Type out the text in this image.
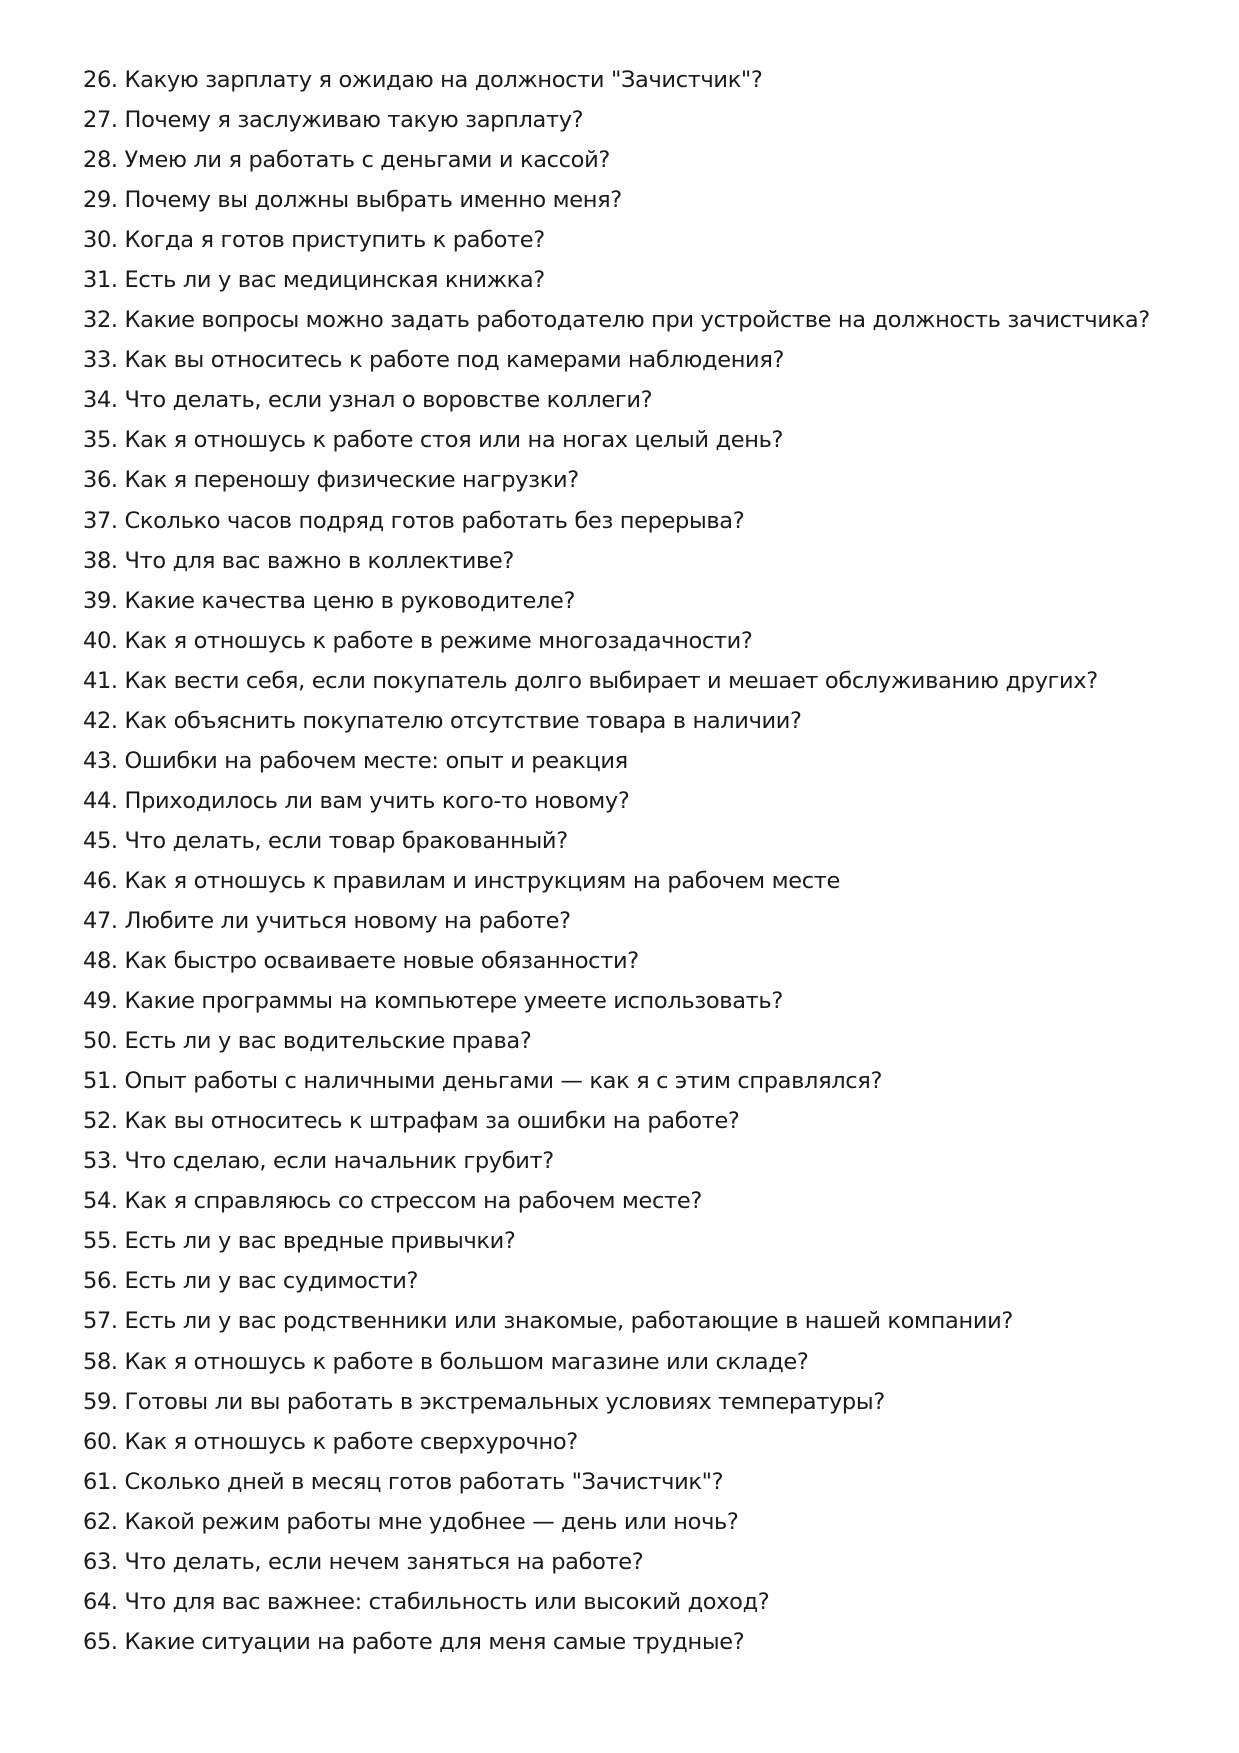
26. Какую зарплату я ожидаю на должности "Зачистчик"?
27. Почему я заслуживаю такую зарплату?
28. Умею ли я работать с деньгами и кассой?
29. Почему вы должны выбрать именно меня?
30. Когда я готов приступить к работе?
31. Есть ли у вас медицинская книжка?
32. Какие вопросы можно задать работодателю при устройстве на должность зачистчика?
33. Как вы относитесь к работе под камерами наблюдения?
34. Что делать, если узнал о воровстве коллеги?
35. Как я отношусь к работе стоя или на ногах целый день?
36. Как я переношу физические нагрузки?
37. Сколько часов подряд готов работать без перерыва?
38. Что для вас важно в коллективе?
39. Какие качества ценю в руководителе?
40. Как я отношусь к работе в режиме многозадачности?
41. Как вести себя, если покупатель долго выбирает и мешает обслуживанию других?
42. Как объяснить покупателю отсутствие товара в наличии?
43. Ошибки на рабочем месте: опыт и реакция
44. Приходилось ли вам учить кого-то новому?
45. Что делать, если товар бракованный?
46. Как я отношусь к правилам и инструкциям на рабочем месте
47. Любите ли учиться новому на работе?
48. Как быстро осваиваете новые обязанности?
49. Какие программы на компьютере умеете использовать?
50. Есть ли у вас водительские права?
51. Опыт работы с наличными деньгами — как я с этим справлялся?
52. Как вы относитесь к штрафам за ошибки на работе?
53. Что сделаю, если начальник грубит?
54. Как я справляюсь со стрессом на рабочем месте?
55. Есть ли у вас вредные привычки?
56. Есть ли у вас судимости?
57. Есть ли у вас родственники или знакомые, работающие в нашей компании?
58. Как я отношусь к работе в большом магазине или складе?
59. Готовы ли вы работать в экстремальных условиях температуры?
60. Как я отношусь к работе сверхурочно?
61. Сколько дней в месяц готов работать "Зачистчик"?
62. Какой режим работы мне удобнее — день или ночь?
63. Что делать, если нечем заняться на работе?
64. Что для вас важнее: стабильность или высокий доход?
65. Какие ситуации на работе для меня самые трудные?
